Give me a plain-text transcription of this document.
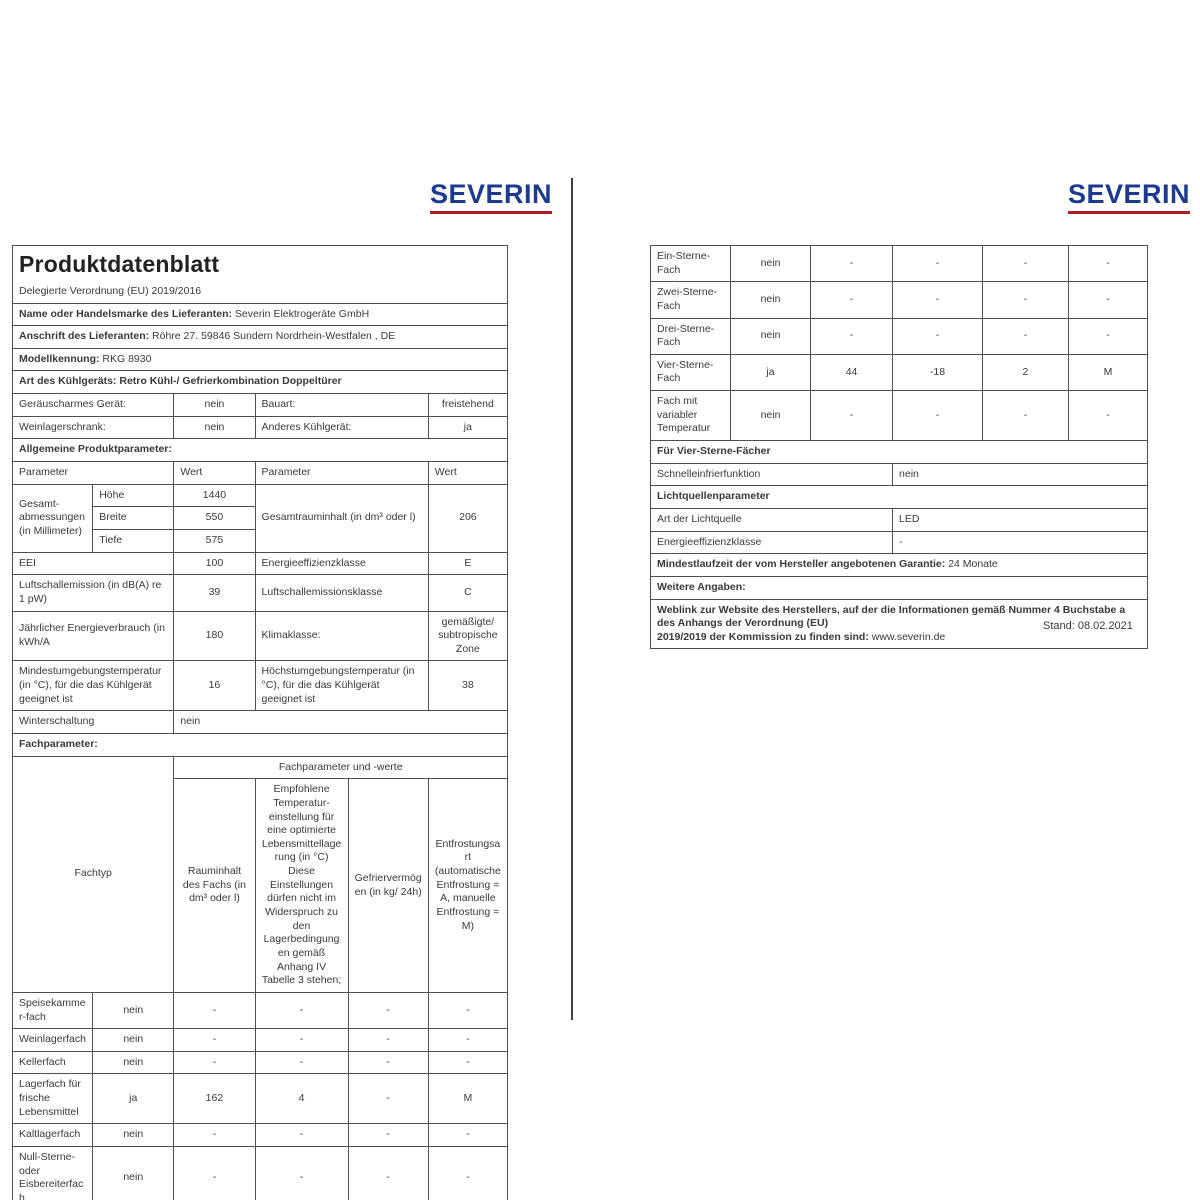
SEVERIN	SEVERIN
Produktdatenblatt
Delegierte Verordnung (EU) 2019/2016					

Name oder Handelsmarke des Lieferanten: Severin Elektrogeräte GmbH					
Anschrift des Lieferanten: Röhre 27. 59846 Sundern Nordrhein-Westfalen , DE					
Modellkennung: RKG 8930					
Art des Kühlgeräts: Retro Kühl-/ Gefrierkombination Doppeltürer					
Geräuscharmes Gerät:		nein	Bauart:		freistehend
Weinlagerschrank:		nein	Anderes Kühlgerät:		ja
Allgemeine Produktparameter:					
Parameter		Wert	Parameter		Wert
Gesamt-abmessungen (in Millimeter)	Höhe	1440	Gesamtrauminhalt (in dm³ oder l)		206
	Breite	550			
	Tiefe	575			
EEI		100	Energieeffizienzklasse		E
Luftschallemission (in dB(A) re 1 pW)		39	Luftschallemissionsklasse		C
Jährlicher Energieverbrauch (in kWh/A		180	Klimaklasse:		gemäßigte/ subtropische Zone
Mindestumgebungstemperatur (in °C), für die das Kühlgerät geeignet ist		16	Höchstumgebungstemperatur (in °C), für die das Kühlgerät geeignet ist		38
Winterschaltung		nein			
Fachparameter:					
Fachtyp		Fachparameter und -werte			
		Rauminhalt des Fachs (in dm³ oder l)	Empfohlene Temperatur-einstellung für eine optimierte Lebensmittellagerung (in °C) Diese Einstellungen dürfen nicht im Widerspruch zu den Lagerbedingungen gemäß Anhang IV Tabelle 3 stehen;	Gefriervermögen (in kg/ 24h)	Entfrostungsart (automatische Entfrostung = A, manuelle Entfrostung = M)
Speisekammer-fach	nein	-	-	-	-
Weinlagerfach	nein	-	-	-	-
Kellerfach	nein	-	-	-	-
Lagerfach für frische Lebensmittel	ja	162	4	-	M
Kaltlagerfach	nein	-	-	-	-
Null-Sterne- oder Eisbereiterfach	nein	-	-	-	-
Ein-Sterne-Fach	nein	-	-	-	-
Zwei-Sterne-Fach	nein	-	-	-	-
Drei-Sterne-Fach	nein	-	-	-	-
Vier-Sterne-Fach	ja	44	-18	2	M
Fach mit variabler Temperatur	nein	-	-	-	-
Für Vier-Sterne-Fächer					
Schnelleinfrierfunktion			nein		
Lichtquellenparameter					
Art der Lichtquelle			LED		
Energieeffizienzklasse			-		
Mindestlaufzeit der vom Hersteller angebotenen Garantie: 24 Monate					
Weitere Angaben:					

Weblink zur Website des Herstellers, auf der die Informationen gemäß Nummer 4 Buchstabe a des Anhangs der Verordnung (EU)
2019/2019 der Kommission zu finden sind: www.severin.de					
Stand: 08.02.2021
